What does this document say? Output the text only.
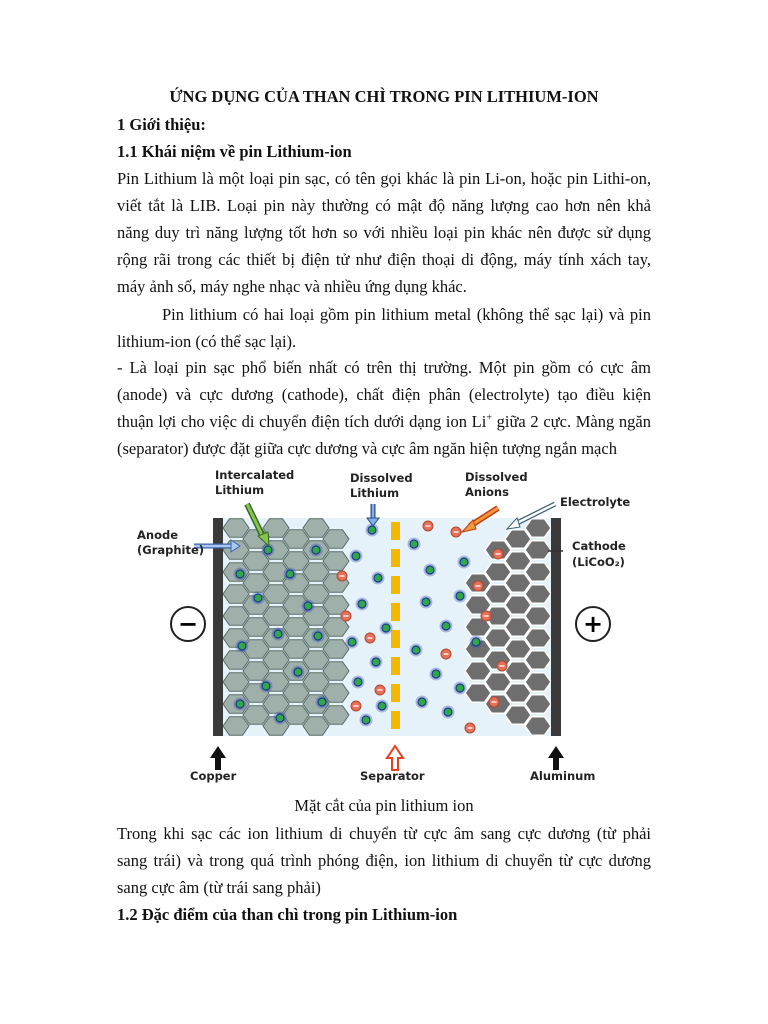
ỨNG DỤNG CỦA THAN CHÌ TRONG PIN LITHIUM-ION
1 Giới thiệu:
1.1 Khái niệm về pin Lithium-ion
Pin Lithium là một loại pin sạc, có tên gọi khác là pin Li-on, hoặc pin Lithi-on,
viết tắt là LIB. Loại pin này thường có mật độ năng lượng cao hơn nên khả
năng duy trì năng lượng tốt hơn so với nhiều loại pin khác nên được sử dụng
rộng rãi trong các thiết bị điện tử như điện thoại di động, máy tính xách tay,
máy ảnh số, máy nghe nhạc và nhiều ứng dụng khác.
Pin lithium có hai loại gồm pin lithium metal (không thể sạc lại) và pin
lithium-ion (có thể sạc lại).
- Là loại pin sạc phổ biến nhất có trên thị trường. Một pin gồm có cực âm
(anode) và cực dương (cathode), chất điện phân (electrolyte) tạo điều kiện
thuận lợi cho việc di chuyển điện tích dưới dạng ion Li+ giữa 2 cực. Màng ngăn
(separator) được đặt giữa cực dương và cực âm ngăn hiện tượng ngắn mạch
−	+
Intercalated
Lithium
Dissolved
Lithium
Dissolved
Anions
Electrolyte
Anode
(Graphite)	Cathode
(LiCoO₂)
Copper	Separator	Aluminum
Mặt cắt của pin lithium ion
Trong khi sạc các ion lithium di chuyển từ cực âm sang cực dương (từ phải
sang trái) và trong quá trình phóng điện, ion lithium di chuyển từ cực dương
sang cực âm (từ trái sang phải)
1.2 Đặc điểm của than chì trong pin Lithium-ion
